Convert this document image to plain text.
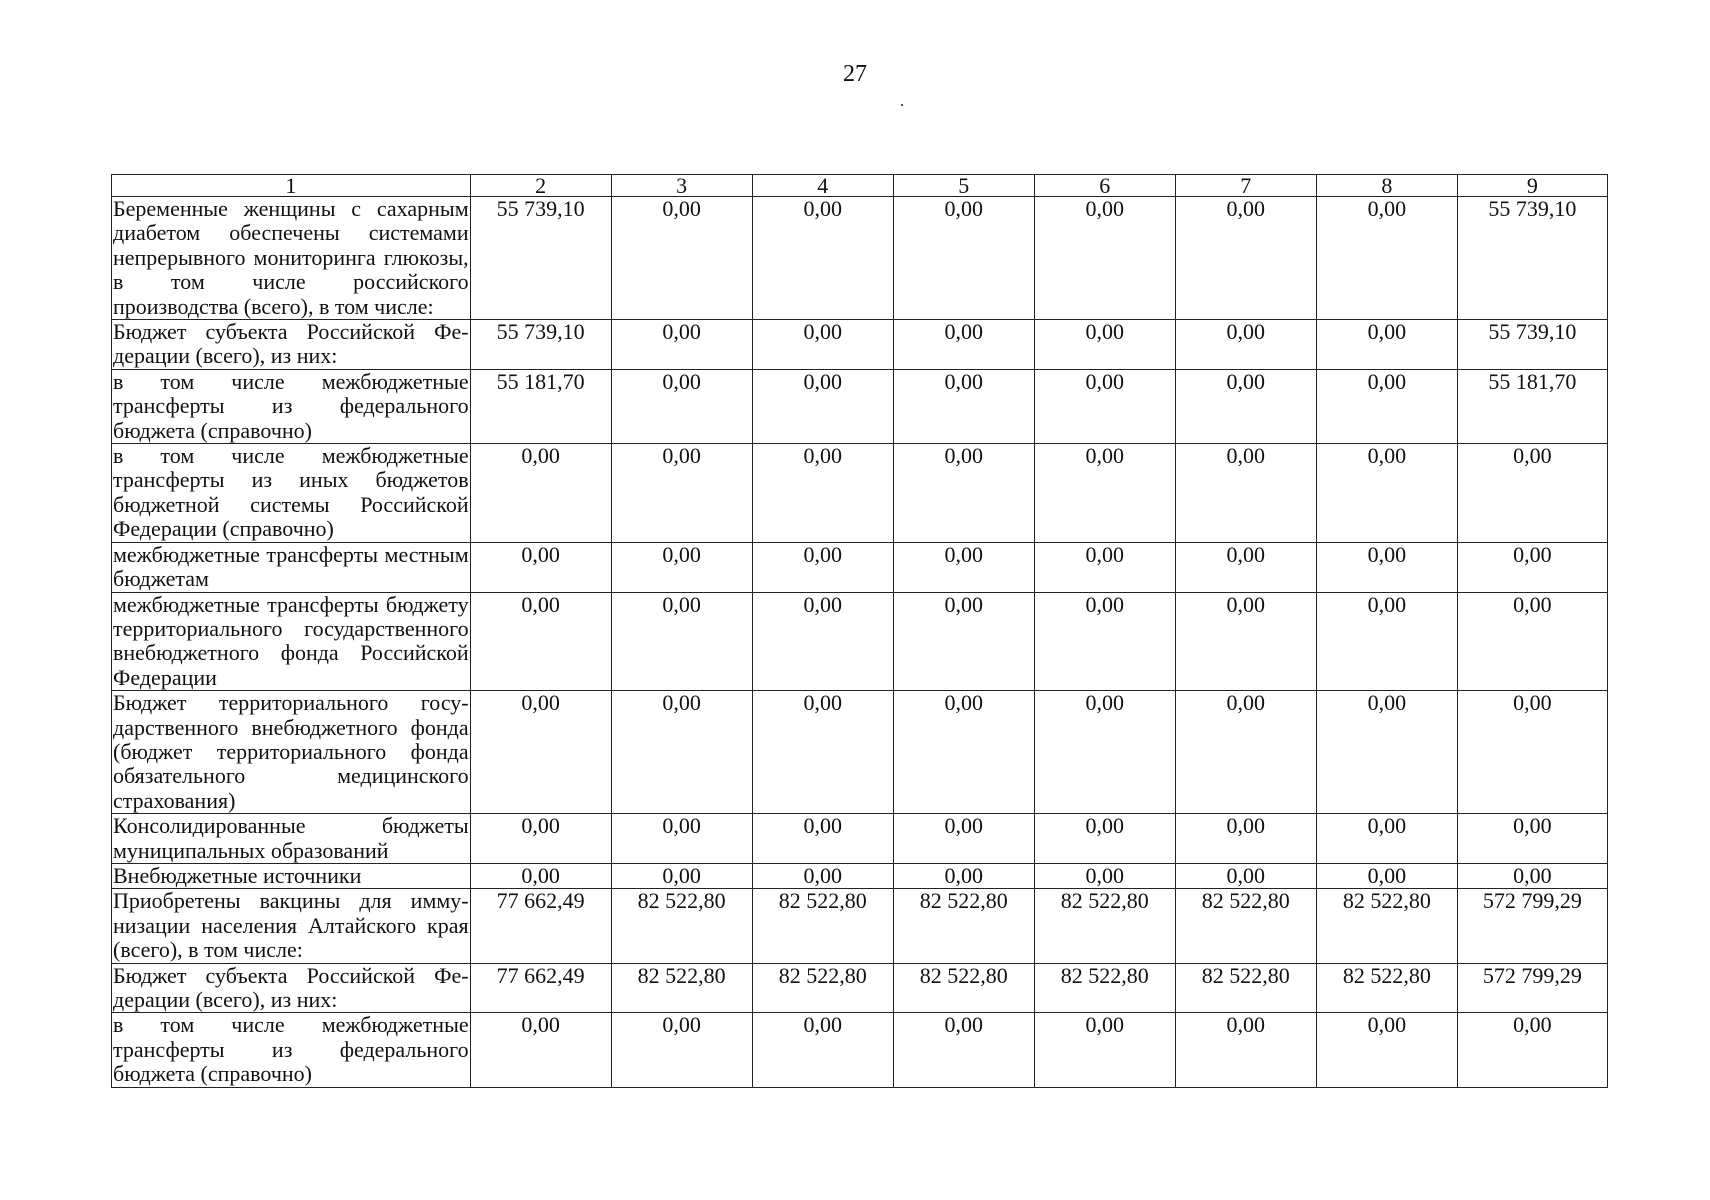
27
1	2	3	4	5	6	7	8	9
Беременные женщины с сахарным диабетом обеспечены системами непрерывного мониторинга глюкозы, в том числе российского производства (всего), в том числе:	55 739,10	0,00	0,00	0,00	0,00	0,00	0,00	55 739,10
Бюджет субъекта Российской Федерации (всего), из них:	55 739,10	0,00	0,00	0,00	0,00	0,00	0,00	55 739,10
в том числе межбюджетные трансферты из федерального бюджета (справочно)	55 181,70	0,00	0,00	0,00	0,00	0,00	0,00	55 181,70
в том числе межбюджетные трансферты из иных бюджетов бюджетной системы Российской Федерации (справочно)	0,00	0,00	0,00	0,00	0,00	0,00	0,00	0,00
межбюджетные трансферты местным бюджетам	0,00	0,00	0,00	0,00	0,00	0,00	0,00	0,00
межбюджетные трансферты бюджету территориального государственного внебюджетного фонда Российской Федерации	0,00	0,00	0,00	0,00	0,00	0,00	0,00	0,00
Бюджет территориального государственного внебюджетного фонда (бюджет территориального фонда обязательного медицинского страхования)	0,00	0,00	0,00	0,00	0,00	0,00	0,00	0,00
Консолидированные бюджеты муниципальных образований	0,00	0,00	0,00	0,00	0,00	0,00	0,00	0,00
Внебюджетные источники	0,00	0,00	0,00	0,00	0,00	0,00	0,00	0,00
Приобретены вакцины для иммунизации населения Алтайского края (всего), в том числе:	77 662,49	82 522,80	82 522,80	82 522,80	82 522,80	82 522,80	82 522,80	572 799,29
Бюджет субъекта Российской Федерации (всего), из них:	77 662,49	82 522,80	82 522,80	82 522,80	82 522,80	82 522,80	82 522,80	572 799,29
в том числе межбюджетные трансферты из федерального бюджета (справочно)	0,00	0,00	0,00	0,00	0,00	0,00	0,00	0,00
